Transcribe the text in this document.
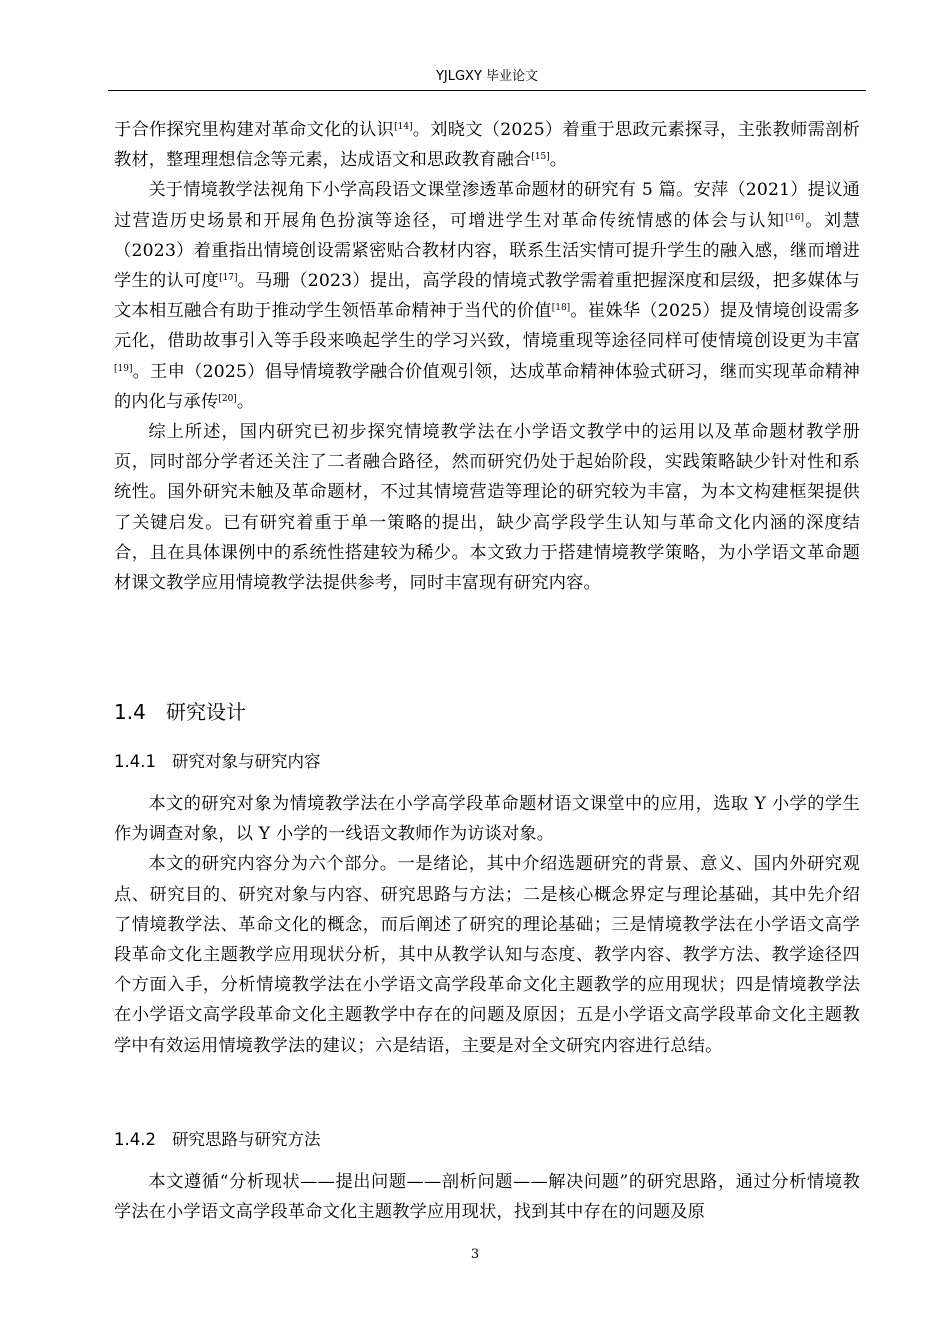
YJLGXY 毕业论文

于合作探究里构建对革命文化的认识[14]。刘晓文（2025）着重于思政元素探寻，主张教师需剖析教材，整理理想信念等元素，达成语文和思政教育融合[15]。

关于情境教学法视角下小学高段语文课堂渗透革命题材的研究有 5 篇。安萍（2021）提议通过营造历史场景和开展角色扮演等途径，可增进学生对革命传统情感的体会与认知[16]。刘慧（2023）着重指出情境创设需紧密贴合教材内容，联系生活实情可提升学生的融入感，继而增进学生的认可度[17]。马珊（2023）提出，高学段的情境式教学需着重把握深度和层级，把多媒体与文本相互融合有助于推动学生领悟革命精神于当代的价值[18]。崔姝华（2025）提及情境创设需多元化，借助故事引入等手段来唤起学生的学习兴致，情境重现等途径同样可使情境创设更为丰富[19]。王申（2025）倡导情境教学融合价值观引领，达成革命精神体验式研习，继而实现革命精神的内化与承传[20]。

综上所述，国内研究已初步探究情境教学法在小学语文教学中的运用以及革命题材教学册页，同时部分学者还关注了二者融合路径，然而研究仍处于起始阶段，实践策略缺少针对性和系统性。国外研究未触及革命题材，不过其情境营造等理论的研究较为丰富，为本文构建框架提供了关键启发。已有研究着重于单一策略的提出，缺少高学段学生认知与革命文化内涵的深度结合，且在具体课例中的系统性搭建较为稀少。本文致力于搭建情境教学策略，为小学语文革命题材课文教学应用情境教学法提供参考，同时丰富现有研究内容。

1.4 研究设计
1.4.1 研究对象与研究内容

本文的研究对象为情境教学法在小学高学段革命题材语文课堂中的应用，选取 Y 小学的学生作为调查对象，以 Y 小学的一线语文教师作为访谈对象。

本文的研究内容分为六个部分。一是绪论，其中介绍选题研究的背景、意义、国内外研究观点、研究目的、研究对象与内容、研究思路与方法；二是核心概念界定与理论基础，其中先介绍了情境教学法、革命文化的概念，而后阐述了研究的理论基础；三是情境教学法在小学语文高学段革命文化主题教学应用现状分析，其中从教学认知与态度、教学内容、教学方法、教学途径四个方面入手，分析情境教学法在小学语文高学段革命文化主题教学的应用现状；四是情境教学法在小学语文高学段革命文化主题教学中存在的问题及原因；五是小学语文高学段革命文化主题教学中有效运用情境教学法的建议；六是结语，主要是对全文研究内容进行总结。

1.4.2 研究思路与研究方法

本文遵循“分析现状——提出问题——剖析问题——解决问题”的研究思路，通过分析情境教学法在小学语文高学段革命文化主题教学应用现状，找到其中存在的问题及原

3
